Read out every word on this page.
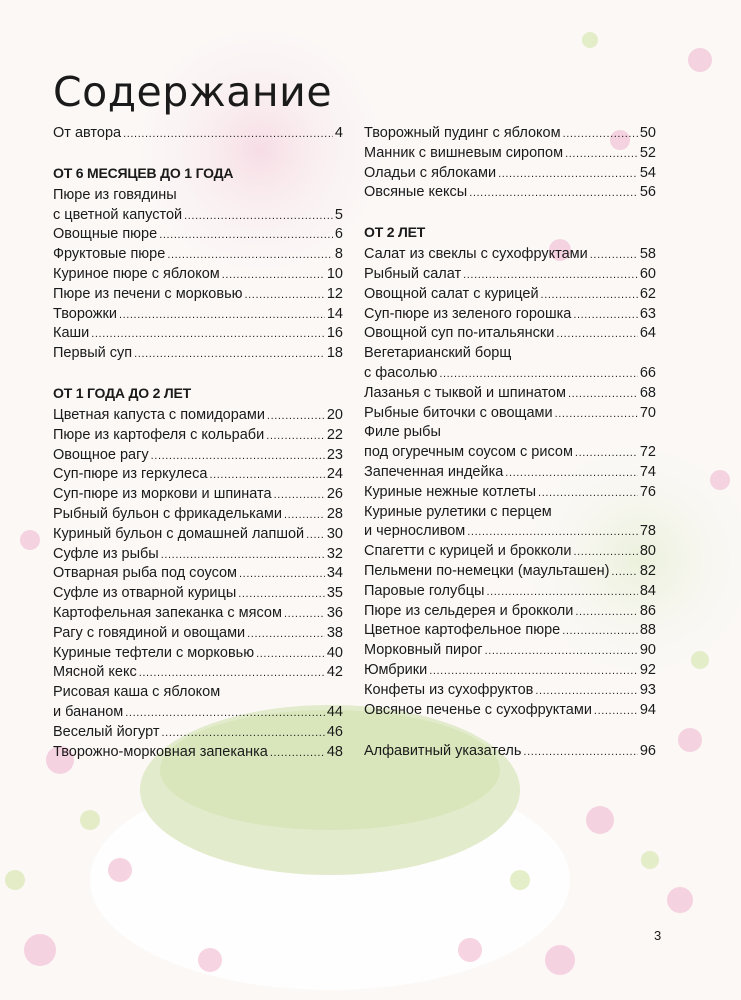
Содержание
От автора .....	4
ОТ 6 МЕСЯЦЕВ ДО 1 ГОДА
Пюре из говядины
с цветной капустой .....	5
Овощные пюре .....	6
Фруктовые пюре .....	8
Куриное пюре с яблоком .....	10
Пюре из печени с морковью .....	12
Творожки .....	14
Каши .....	16
Первый суп .....	18
ОТ 1 ГОДА ДО 2 ЛЕТ
Цветная капуста с помидорами .....	20
Пюре из картофеля с кольраби .....	22
Овощное рагу .....	23
Суп-пюре из геркулеса .....	24
Суп-пюре из моркови и шпината .....	26
Рыбный бульон с фрикадельками .....	28
Куриный бульон с домашней лапшой ..... 30
Суфле из рыбы .....	32
Отварная рыба под соусом .....	34
Суфле из отварной курицы .....	35
Картофельная запеканка с мясом .....	36
Рагу с говядиной и овощами .....	38
Куриные тефтели с морковью .....	40
Мясной кекс .....	42
Рисовая каша с яблоком
и бананом .....	44
Веселый йогурт .....	46
Творожно-морковная запеканка .....	48
Творожный пудинг с яблоком .....	50
Манник с вишневым сиропом .....	52
Оладьи с яблоками .....	54
Овсяные кексы .....	56
ОТ 2 ЛЕТ
Салат из свеклы с сухофруктами .....	58
Рыбный салат .....	60
Овощной салат с курицей .....	62
Суп-пюре из зеленого горошка .....	63
Овощной суп по-итальянски .....	64
Вегетарианский борщ
с фасолью .....	66
Лазанья с тыквой и шпинатом .....	68
Рыбные биточки с овощами .....	70
Филе рыбы
под огуречным соусом с рисом .....	72
Запеченная индейка .....	74
Куриные нежные котлеты .....	76
Куриные рулетики с перцем
и черносливом .....	78
Спагетти с курицей и брокколи .....	80
Пельмени по-немецки (маульташен) ..... 82
Паровые голубцы .....	84
Пюре из сельдерея и брокколи .....	86
Цветное картофельное пюре .....	88
Морковный пирог .....	90
Юмбрики .....	92
Конфеты из сухофруктов .....	93
Овсяное печенье с сухофруктами .....	94
Алфавитный указатель .....	96
3
